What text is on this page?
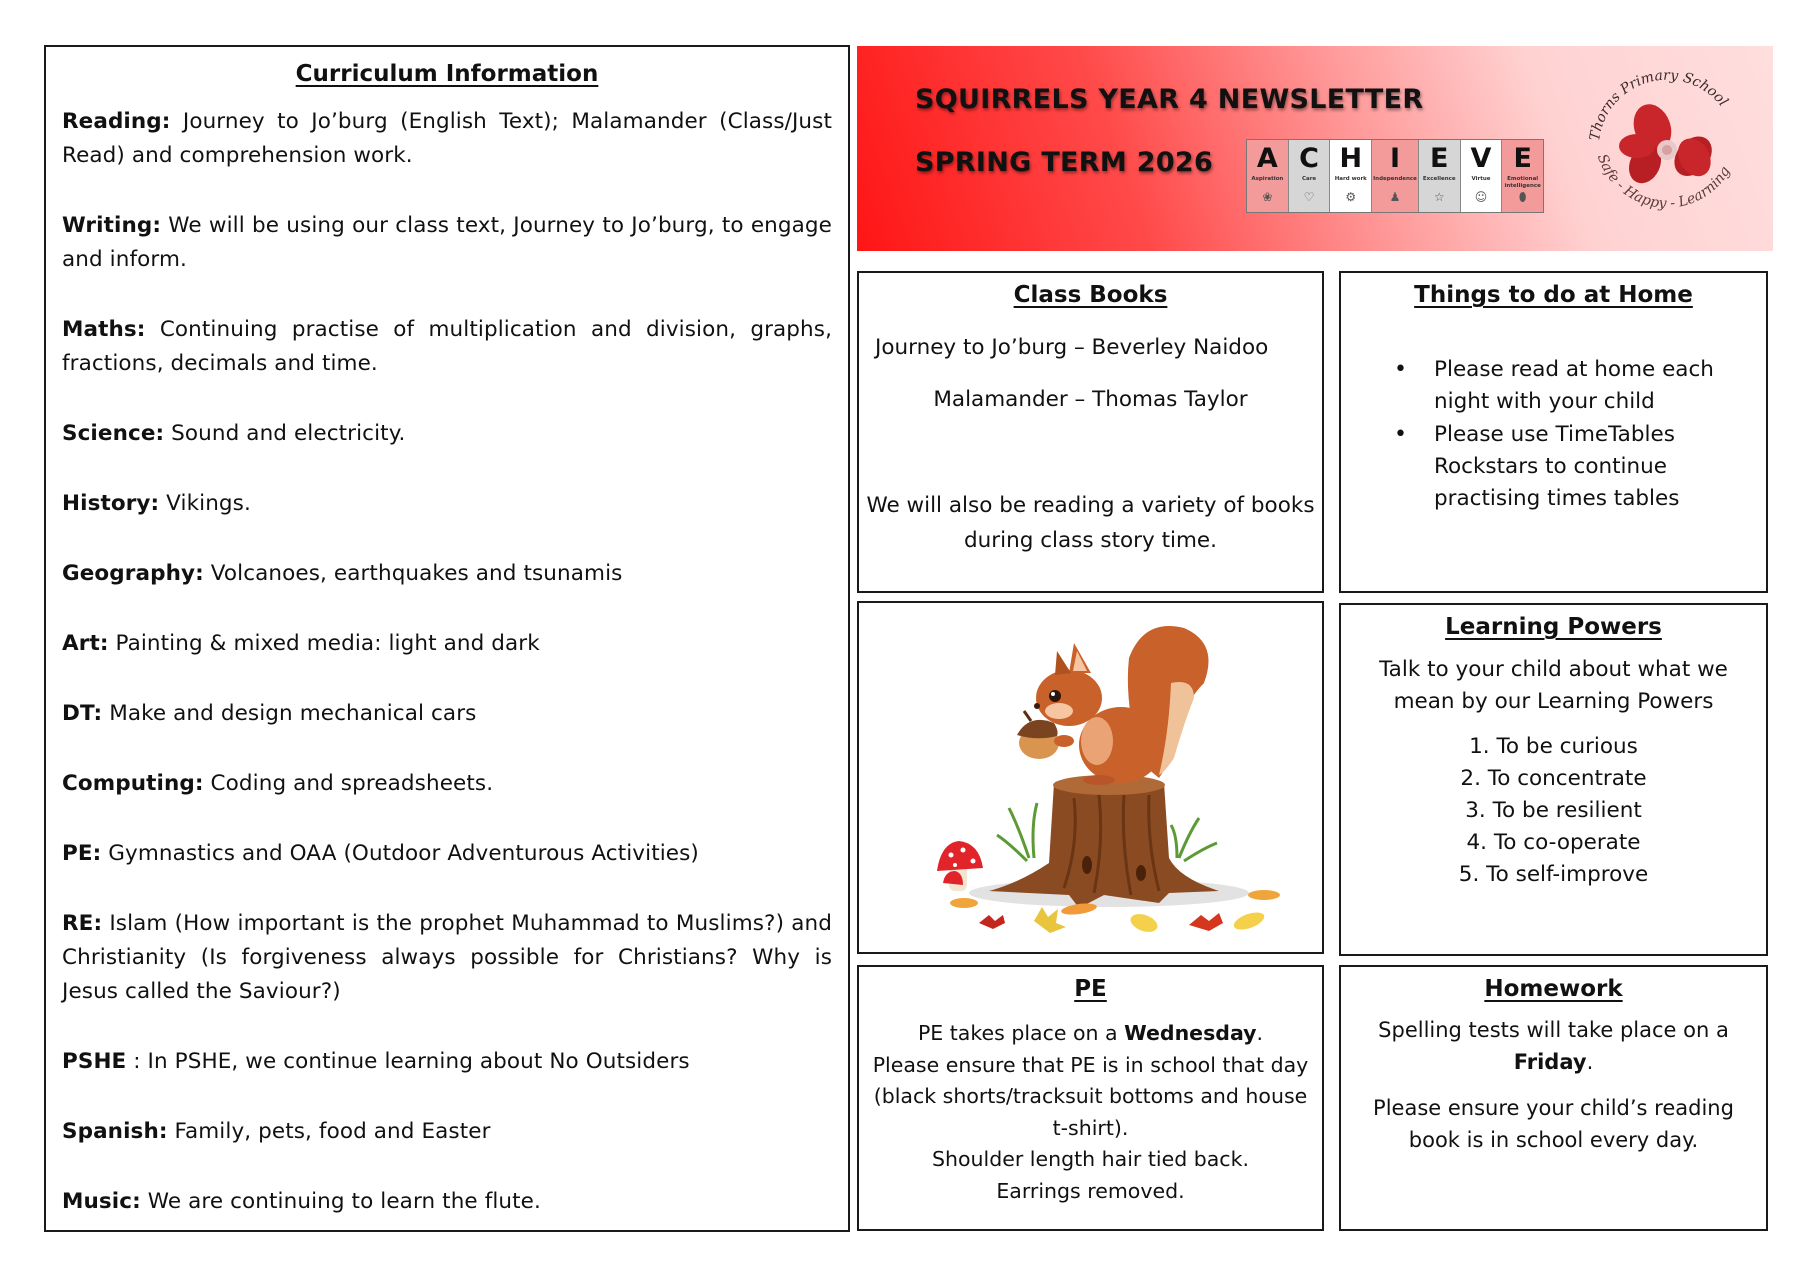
Curriculum Information

Reading: Journey to Jo’burg (English Text); Malamander (Class/Just Read) and comprehension work.

Writing: We will be using our class text, Journey to Jo’burg, to engage and inform.

Maths: Continuing practise of multiplication and division, graphs, fractions, decimals and time.

Science: Sound and electricity.

History: Vikings.

Geography: Volcanoes, earthquakes and tsunamis

Art: Painting & mixed media: light and dark

DT: Make and design mechanical cars

Computing: Coding and spreadsheets.

PE: Gymnastics and OAA (Outdoor Adventurous Activities)

RE: Islam (How important is the prophet Muhammad to Muslims?) and Christianity (Is forgiveness always possible for Christians? Why is Jesus called the Saviour?)

PSHE : In PSHE, we continue learning about No Outsiders

Spanish: Family, pets, food and Easter

Music: We are continuing to learn the flute.

SQUIRRELS YEAR 4 NEWSLETTER
SPRING TERM 2026 A
Aspiration
❀
C
Care
♡
H
Hard work
⚙
I
Independence
♟
E
Excellence
☆
V
Virtue
☺
E
Emotional intelligence
⬮
Thorns Primary School
Safe - Happy - Learning
Class Books
Journey to Jo’burg – Beverley Naidoo
Malamander – Thomas Taylor
We will also be reading a variety of books during class story time.
Things to do at Home
• Please read at home each night with your child
• Please use TimeTables Rockstars to continue practising times tables
Learning Powers
Talk to your child about what we mean by our Learning Powers
1. To be curious
2. To concentrate
3. To be resilient
4. To co-operate
5. To self-improve
PE
PE takes place on a Wednesday.
Please ensure that PE is in school that day (black shorts/tracksuit bottoms and house t-shirt).
Shoulder length hair tied back.
Earrings removed.
Homework
Spelling tests will take place on a Friday.
Please ensure your child’s reading book is in school every day.
